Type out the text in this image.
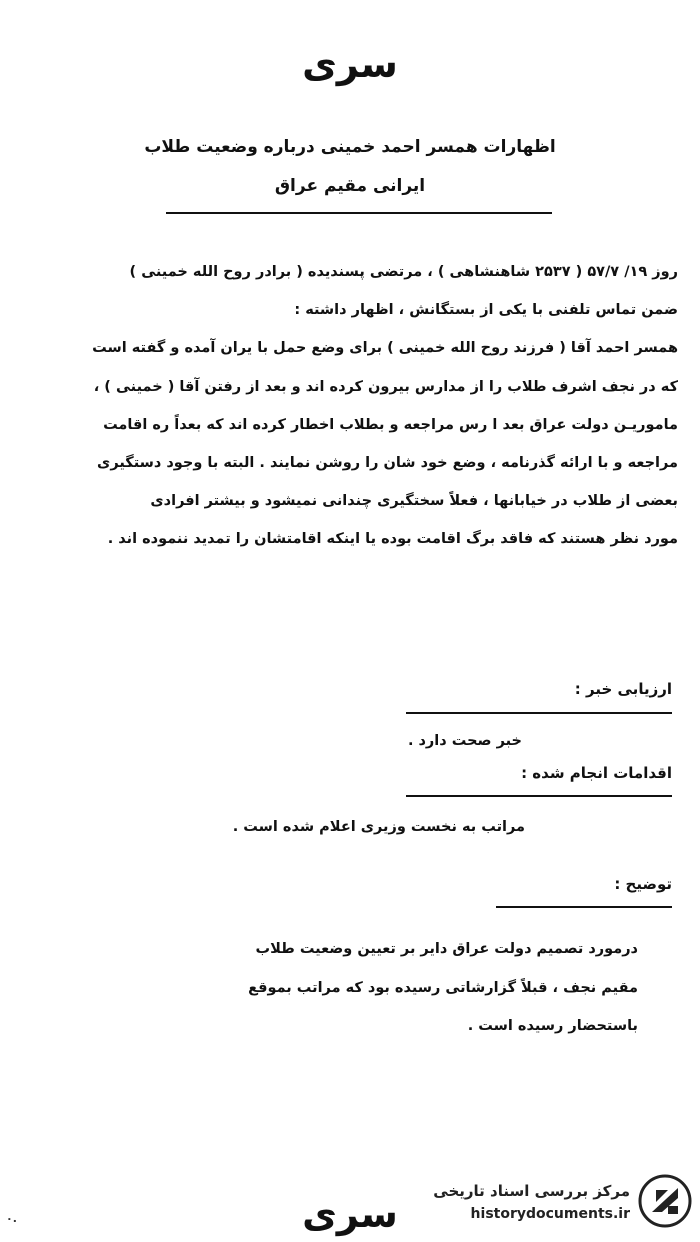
سری
اظهارات همسر احمد خمینی درباره وضعیت طلاب
ایرانی مقیم عراق
روز ۱۹/ ۵۷/۷ ( ۲۵۳۷ شاهنشاهی ) ، مرتضی پسندیده ( برادر روح الله خمینی )
ضمن تماس تلفنی با یکی از بستگانش ، اظهار داشته :
همسر احمد آقا ( فرزند روح الله خمینی ) برای وضع حمل با یران آمده و گفته است
که در نجف اشرف طلاب را از مدارس بیرون کرده اند و بعد از رفتن آقا ( خمینی ) ،
ماموریـن دولت عراق بعد ا رس مراجعه و بطلاب اخطار کرده اند که بعداً ره اقامت
مراجعه و با ارائه گذرنامه ، وضع خود شان را روشن نمایند . البته با وجود دستگیری
بعضی از طلاب در خیابانها ، فعلاً سختگیری چندانی نمیشود و بیشتر افرادی
مورد نظر هستند که فاقد برگ اقامت بوده یا اینکه اقامتشان را تمدید ننموده اند .
ارزیابی خبر :
خبر صحت دارد .
اقدامات انجام شده :
مراتب به نخست وزیری اعلام شده است .
توضیح :
درمورد تصمیم دولت عراق دایر بر تعیین وضعیت طلاب
مقیم نجف ، قبلاً گزارشاتی رسیده بود که مراتب بموقع
باستحضار رسیده است .
سری
۰.
مرکز بررسی اسناد تاریخی
historydocuments.ir
